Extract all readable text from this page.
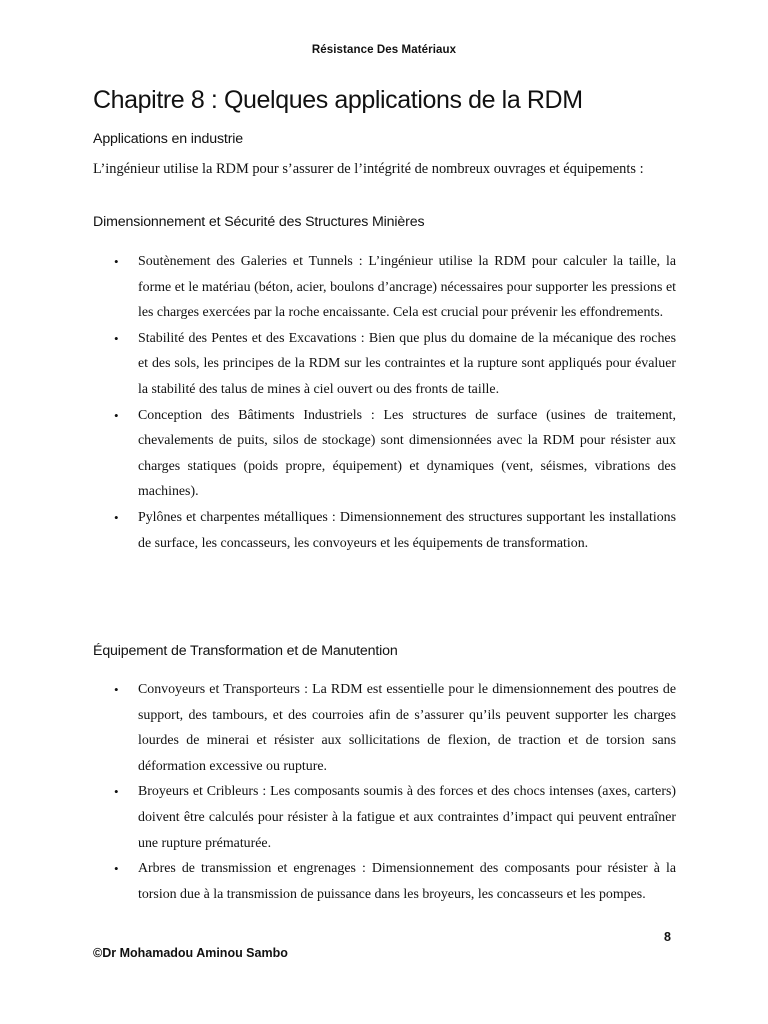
Résistance Des Matériaux
Chapitre 8 : Quelques applications de la RDM
Applications en industrie

L’ingénieur utilise la RDM pour s’assurer de l’intégrité de nombreux ouvrages et équipements :

Dimensionnement et Sécurité des Structures Minières
• Soutènement des Galeries et Tunnels : L’ingénieur utilise la RDM pour calculer la taille, la forme et le matériau (béton, acier, boulons d’ancrage) nécessaires pour supporter les pressions et les charges exercées par la roche encaissante. Cela est crucial pour prévenir les effondrements.
• Stabilité des Pentes et des Excavations : Bien que plus du domaine de la mécanique des roches et des sols, les principes de la RDM sur les contraintes et la rupture sont appliqués pour évaluer la stabilité des talus de mines à ciel ouvert ou des fronts de taille.
• Conception des Bâtiments Industriels : Les structures de surface (usines de traitement, chevalements de puits, silos de stockage) sont dimensionnées avec la RDM pour résister aux charges statiques (poids propre, équipement) et dynamiques (vent, séismes, vibrations des machines).
• Pylônes et charpentes métalliques : Dimensionnement des structures supportant les installations de surface, les concasseurs, les convoyeurs et les équipements de transformation.
Équipement de Transformation et de Manutention
• Convoyeurs et Transporteurs : La RDM est essentielle pour le dimensionnement des poutres de support, des tambours, et des courroies afin de s’assurer qu’ils peuvent supporter les charges lourdes de minerai et résister aux sollicitations de flexion, de traction et de torsion sans déformation excessive ou rupture.
• Broyeurs et Cribleurs : Les composants soumis à des forces et des chocs intenses (axes, carters) doivent être calculés pour résister à la fatigue et aux contraintes d’impact qui peuvent entraîner une rupture prématurée.
• Arbres de transmission et engrenages : Dimensionnement des composants pour résister à la torsion due à la transmission de puissance dans les broyeurs, les concasseurs et les pompes.
8
©Dr Mohamadou Aminou Sambo
